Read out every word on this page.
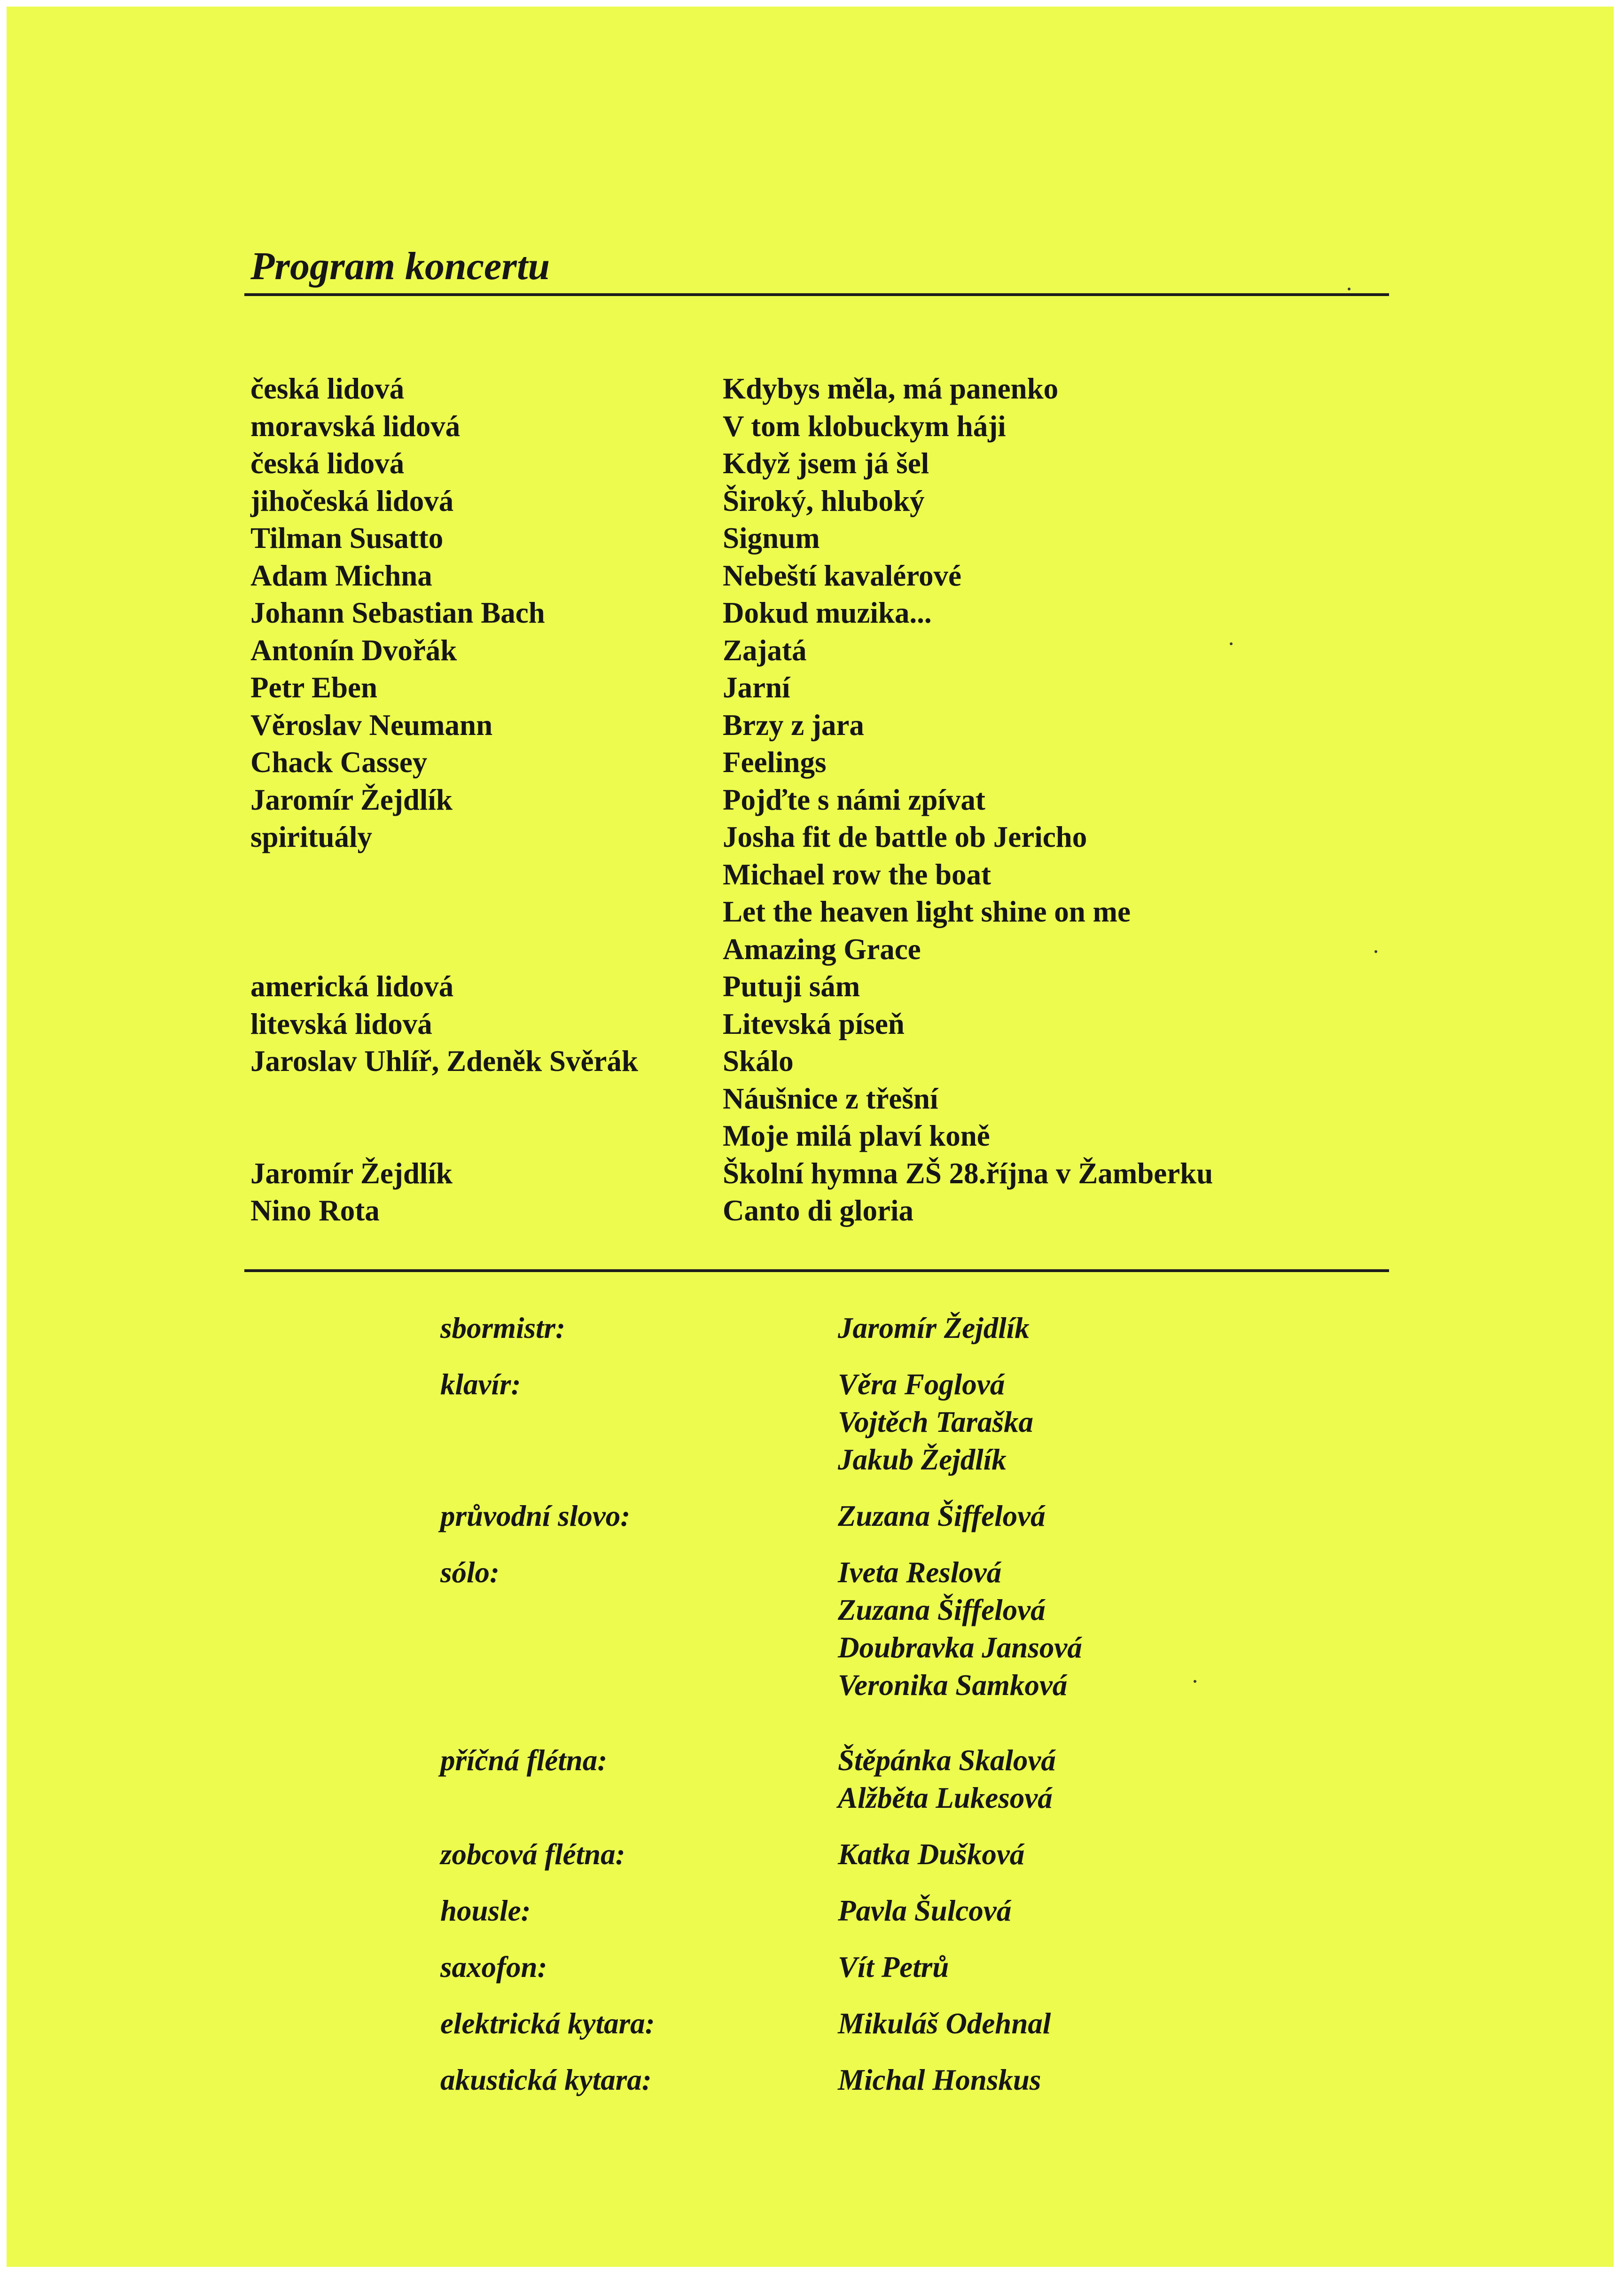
Program koncertu
česká lidová	Kdybys měla, má panenko
moravská lidová	V tom klobuckym háji
česká lidová	Když jsem já šel
jihočeská lidová	Široký, hluboký
Tilman Susatto	Signum
Adam Michna	Nebeští kavalérové
Johann Sebastian Bach	Dokud muzika...
Antonín Dvořák	Zajatá
Petr Eben	Jarní
Věroslav Neumann	Brzy z jara
Chack Cassey	Feelings
Jaromír Žejdlík	Pojďte s námi zpívat
spirituály	Josha fit de battle ob Jericho
Michael row the boat
Let the heaven light shine on me
Amazing Grace
americká lidová	Putuji sám
litevská lidová	Litevská píseň
Jaroslav Uhlíř, Zdeněk Svěrák	Skálo
Náušnice z třešní
Moje milá plaví koně
Jaromír Žejdlík	Školní hymna ZŠ 28.října v Žamberku
Nino Rota	Canto di gloria
sbormistr:	Jaromír Žejdlík
klavír:	Věra Foglová
Vojtěch Taraška
Jakub Žejdlík
průvodní slovo:	Zuzana Šiffelová
sólo:	Iveta Reslová
Zuzana Šiffelová
Doubravka Jansová
Veronika Samková
příčná flétna:	Štěpánka Skalová
Alžběta Lukesová
zobcová flétna:	Katka Dušková
housle:	Pavla Šulcová
saxofon:	Vít Petrů
elektrická kytara:	Mikuláš Odehnal
akustická kytara:	Michal Honskus
